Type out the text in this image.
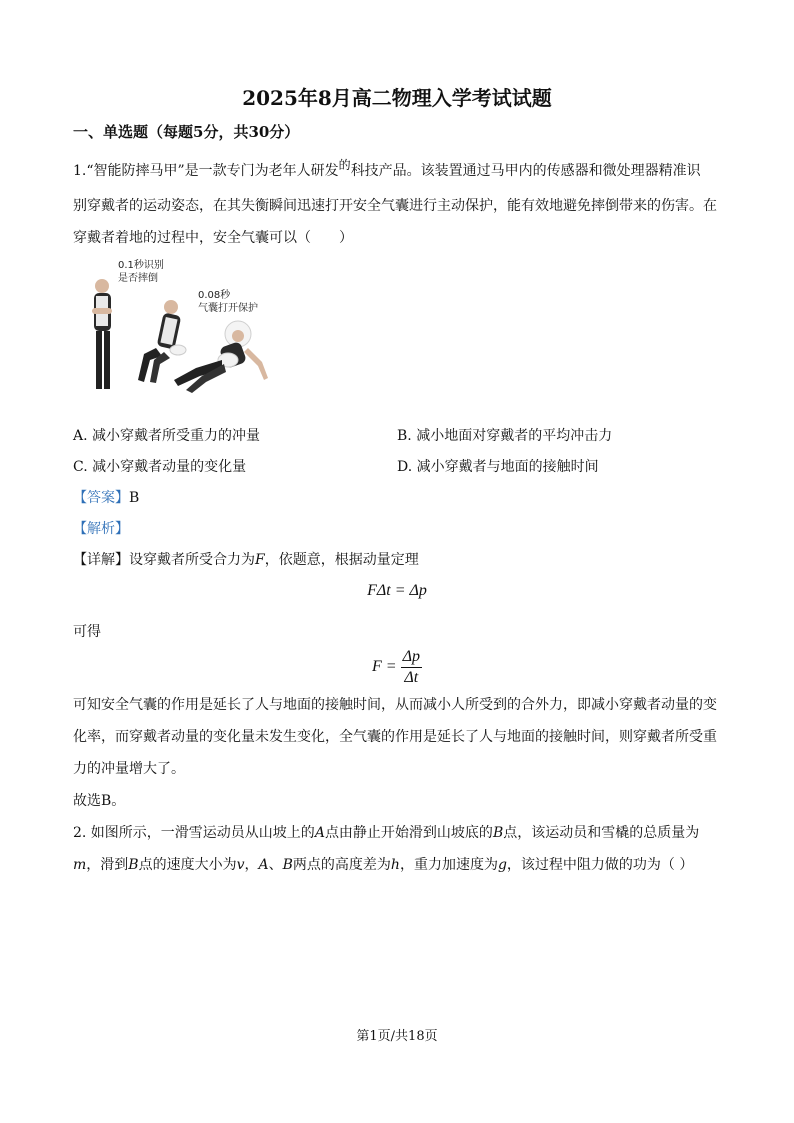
2025年8月高二物理入学考试试题
一、单选题（每题5分，共30分）
1.“智能防摔马甲”是一款专门为老年人研发的科技产品。该装置通过马甲内的传感器和微处理器精准识
别穿戴者的运动姿态，在其失衡瞬间迅速打开安全气囊进行主动保护，能有效地避免摔倒带来的伤害。在
穿戴者着地的过程中，安全气囊可以（　　）
0.1秒识别
是否摔倒
0.08秒
气囊打开保护
A. 减小穿戴者所受重力的冲量	B. 减小地面对穿戴者的平均冲击力
C. 减小穿戴者动量的变化量	D. 减小穿戴者与地面的接触时间
【答案】B
【解析】
【详解】设穿戴者所受合力为F，依题意，根据动量定理
FΔt = Δp
可得
$F = \frac{\Delta p}{\Delta t}$
可知安全气囊的作用是延长了人与地面的接触时间，从而减小人所受到的合外力，即减小穿戴者动量的变
化率，而穿戴者动量的变化量未发生变化，全气囊的作用是延长了人与地面的接触时间，则穿戴者所受重
力的冲量增大了。
故选B。
2. 如图所示，一滑雪运动员从山坡上的A点由静止开始滑到山坡底的B点，该运动员和雪橇的总质量为
m，滑到B点的速度大小为v，A、B两点的高度差为h，重力加速度为g，该过程中阻力做的功为（ ）
第1页/共18页
